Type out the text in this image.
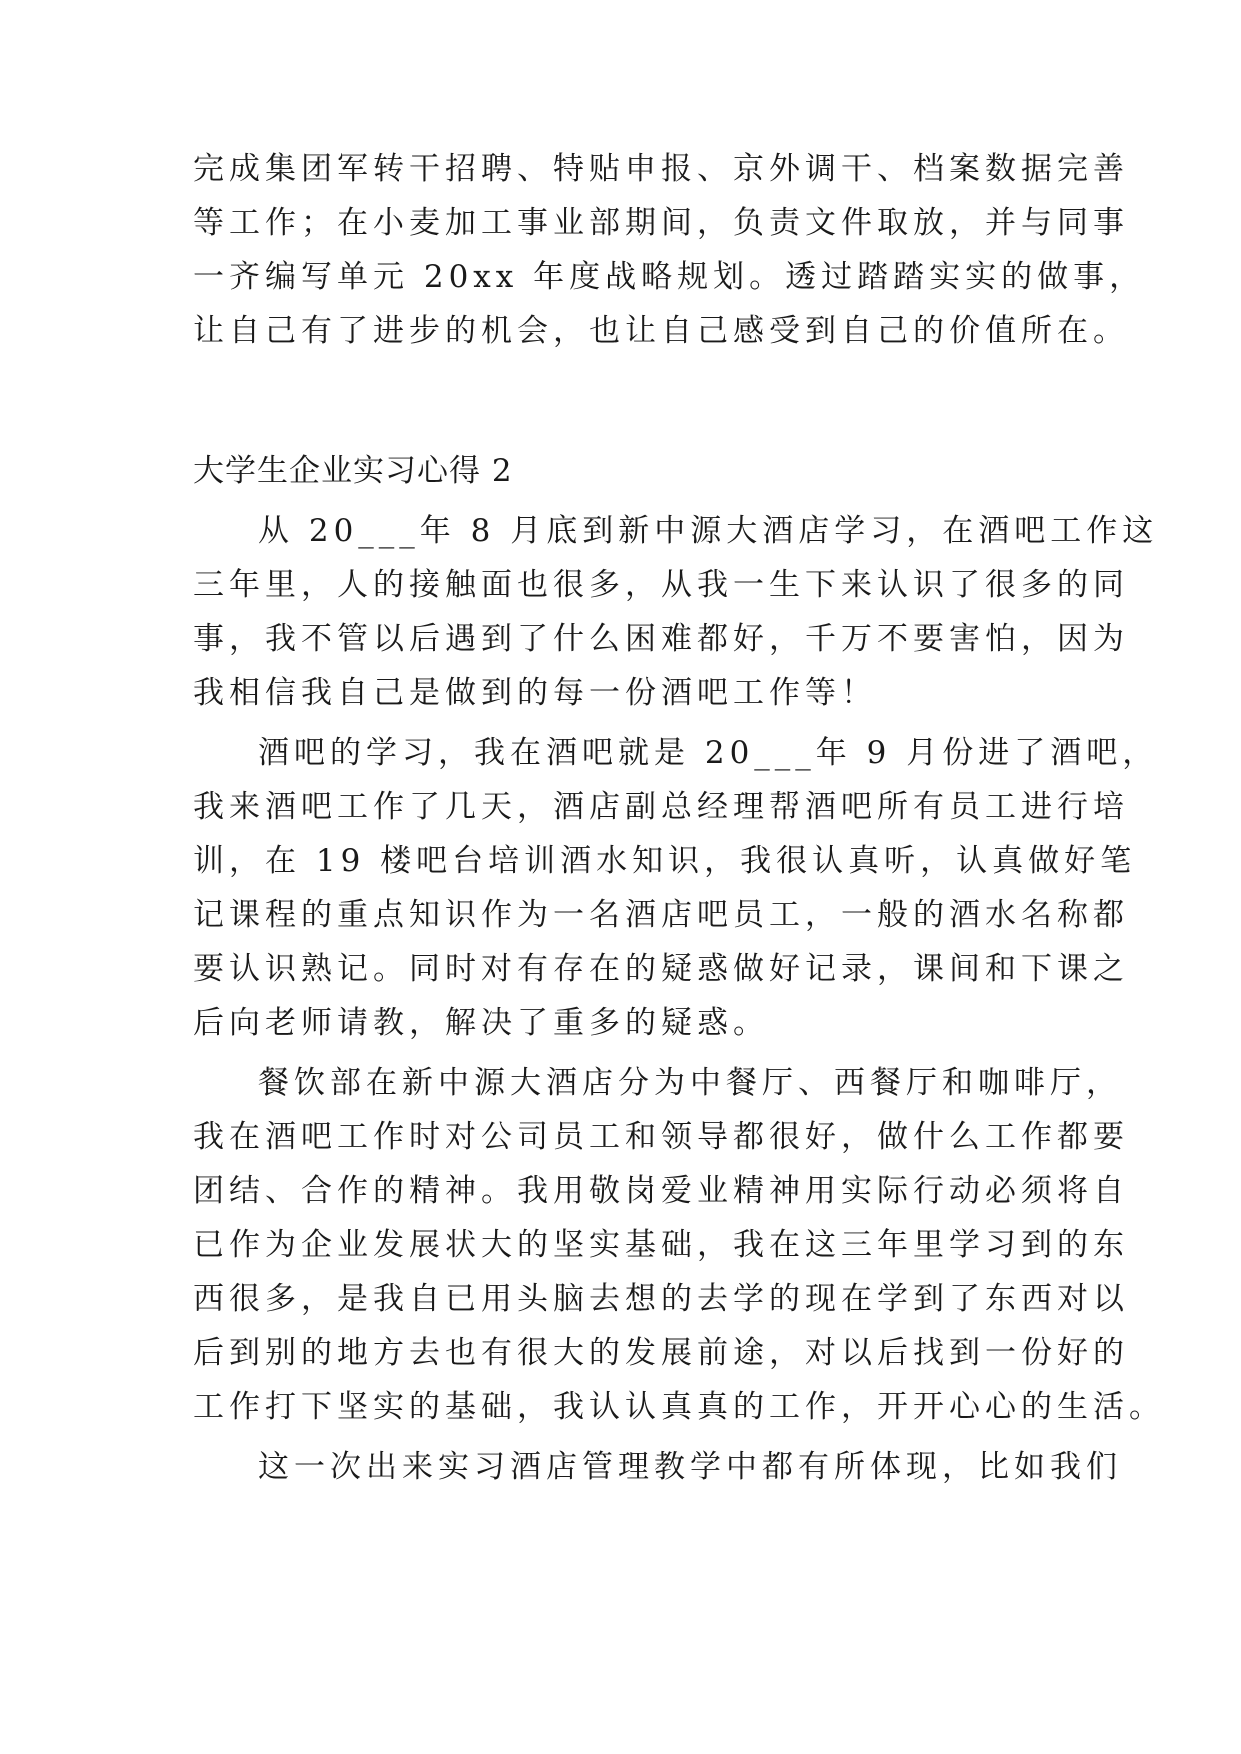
完成集团军转干招聘、特贴申报、京外调干、档案数据完善
等工作；在小麦加工事业部期间，负责文件取放，并与同事
一齐编写单元 20xx 年度战略规划。透过踏踏实实的做事，
让自己有了进步的机会，也让自己感受到自己的价值所在。
大学生企业实习心得 2
从 20___年 8 月底到新中源大酒店学习，在酒吧工作这
三年里，人的接触面也很多，从我一生下来认识了很多的同
事，我不管以后遇到了什么困难都好，千万不要害怕，因为
我相信我自己是做到的每一份酒吧工作等！
酒吧的学习，我在酒吧就是 20___年 9 月份进了酒吧，
我来酒吧工作了几天，酒店副总经理帮酒吧所有员工进行培
训，在 19 楼吧台培训酒水知识，我很认真听，认真做好笔
记课程的重点知识作为一名酒店吧员工，一般的酒水名称都
要认识熟记。同时对有存在的疑惑做好记录，课间和下课之
后向老师请教，解决了重多的疑惑。
餐饮部在新中源大酒店分为中餐厅、西餐厅和咖啡厅，
我在酒吧工作时对公司员工和领导都很好，做什么工作都要
团结、合作的精神。我用敬岗爱业精神用实际行动必须将自
已作为企业发展状大的坚实基础，我在这三年里学习到的东
西很多，是我自已用头脑去想的去学的现在学到了东西对以
后到别的地方去也有很大的发展前途，对以后找到一份好的
工作打下坚实的基础，我认认真真的工作，开开心心的生活。
这一次出来实习酒店管理教学中都有所体现，比如我们
